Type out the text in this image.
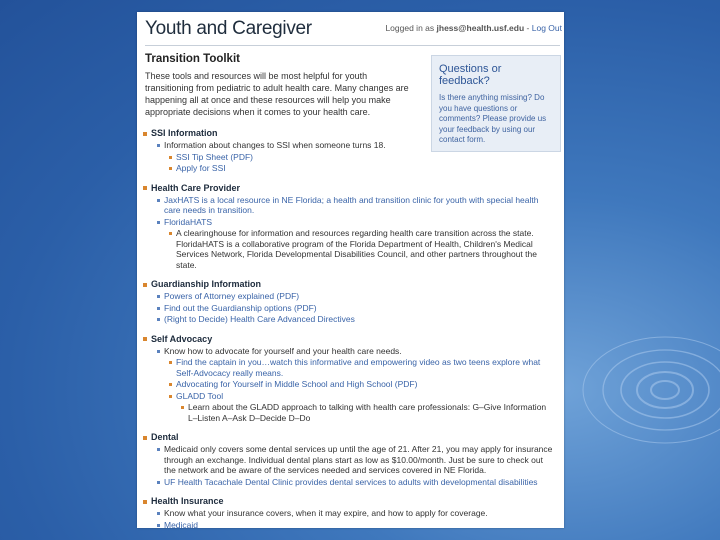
Youth and Caregiver	Logged in as jhess@health.usf.edu - Log Out
Transition Toolkit

These tools and resources will be most helpful for youth transitioning from pediatric to adult health care. Many changes are happening all at once and these resources will help you make appropriate decisions when it comes to your health care.

Questions or feedback?
Is there anything missing? Do you have questions or comments? Please provide us your feedback by using our contact form.
SSI Information
Information about changes to SSI when someone turns 18.
SSI Tip Sheet (PDF)
Apply for SSI
Health Care Provider
JaxHATS is a local resource in NE Florida; a health and transition clinic for youth with special health care needs in transition.
FloridaHATS
A clearinghouse for information and resources regarding health care transition across the state. FloridaHATS is a collaborative program of the Florida Department of Health, Children's Medical Services Network, Florida Developmental Disabilities Council, and other partners throughout the state.
Guardianship Information
Powers of Attorney explained (PDF)
Find out the Guardianship options (PDF)
(Right to Decide) Health Care Advanced Directives
Self Advocacy
Know how to advocate for yourself and your health care needs.
Find the captain in you…watch this informative and empowering video as two teens explore what Self-Advocacy really means.
Advocating for Yourself in Middle School and High School (PDF)
GLADD Tool
Learn about the GLADD approach to talking with health care professionals: G–Give Information L–Listen A–Ask D–Decide D–Do
Dental
Medicaid only covers some dental services up until the age of 21. After 21, you may apply for insurance through an exchange. Individual dental plans start as low as $10.00/month. Just be sure to check out the network and be aware of the services needed and services covered in NE Florida.
UF Health Tacachale Dental Clinic provides dental services to adults with developmental disabilities
Health Insurance
Know what your insurance covers, when it may expire, and how to apply for coverage.
Medicaid
